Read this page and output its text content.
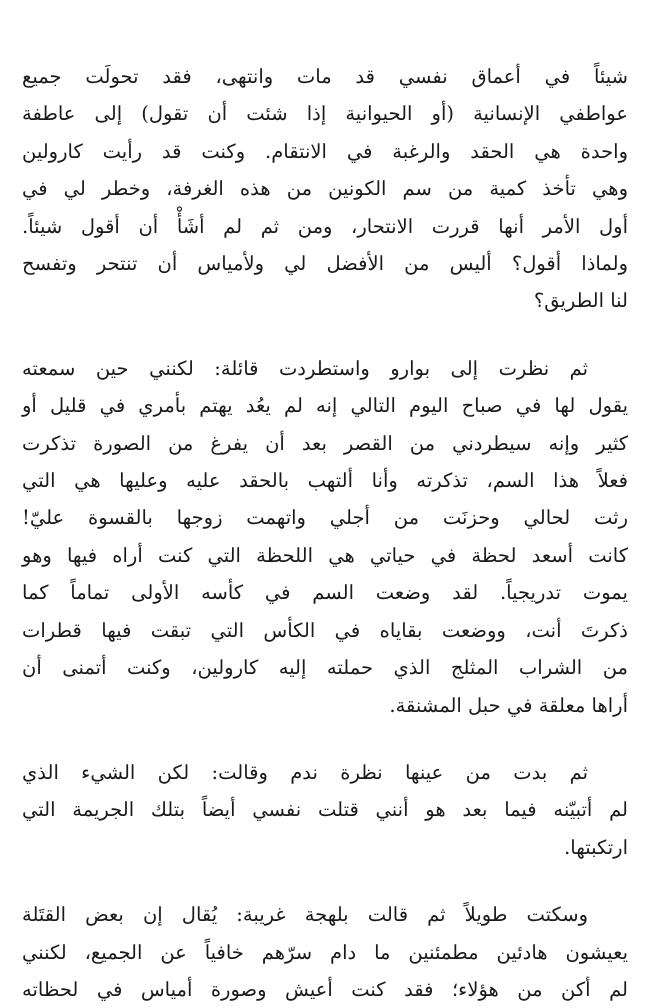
شيئاً في أعماق نفسي قد مات وانتهى، فقد تحولَت جميع
عواطفي الإنسانية (أو الحيوانية إذا شئت أن تقول) إلى عاطفة
واحدة هي الحقد والرغبة في الانتقام. وكنت قد رأيت كارولين
وهي تأخذ كمية من سم الكونين من هذه الغرفة، وخطر لي في
أول الأمر أنها قررت الانتحار، ومن ثم لم أشَأْ أن أقول شيئاً.
ولماذا أقول؟ أليس من الأفضل لي ولأمياس أن تنتحر وتفسح
لنا الطريق؟

ثم نظرت إلى بوارو واستطردت قائلة: لكنني حين سمعته
يقول لها في صباح اليوم التالي إنه لم يعُد يهتم بأمري في قليل أو
كثير وإنه سيطردني من القصر بعد أن يفرغ من الصورة تذكرت
فعلاً هذا السم، تذكرته وأنا ألتهب بالحقد عليه وعليها هي التي
رثت لحالي وحزنَت من أجلي واتهمت زوجها بالقسوة عليّ!
كانت أسعد لحظة في حياتي هي اللحظة التي كنت أراه فيها وهو
يموت تدريجياً. لقد وضعت السم في كأسه الأولى تماماً كما
ذكرتَ أنت، ووضعت بقاياه في الكأس التي تبقت فيها قطرات
من الشراب المثلج الذي حملته إليه كارولين، وكنت أتمنى أن
أراها معلقة في حبل المشنقة.

ثم بدت من عينها نظرة ندم وقالت: لكن الشيء الذي
لم أتبيّنه فيما بعد هو أنني قتلت نفسي أيضاً بتلك الجريمة التي
ارتكبتها.

وسكتت طويلاً ثم قالت بلهجة غريبة: يُقال إن بعض القتَلة
يعيشون هادئين مطمئنين ما دام سرّهم خافياً عن الجميع، لكنني
لم أكن من هؤلاء؛ فقد كنت أعيش وصورة أمياس في لحظاته
